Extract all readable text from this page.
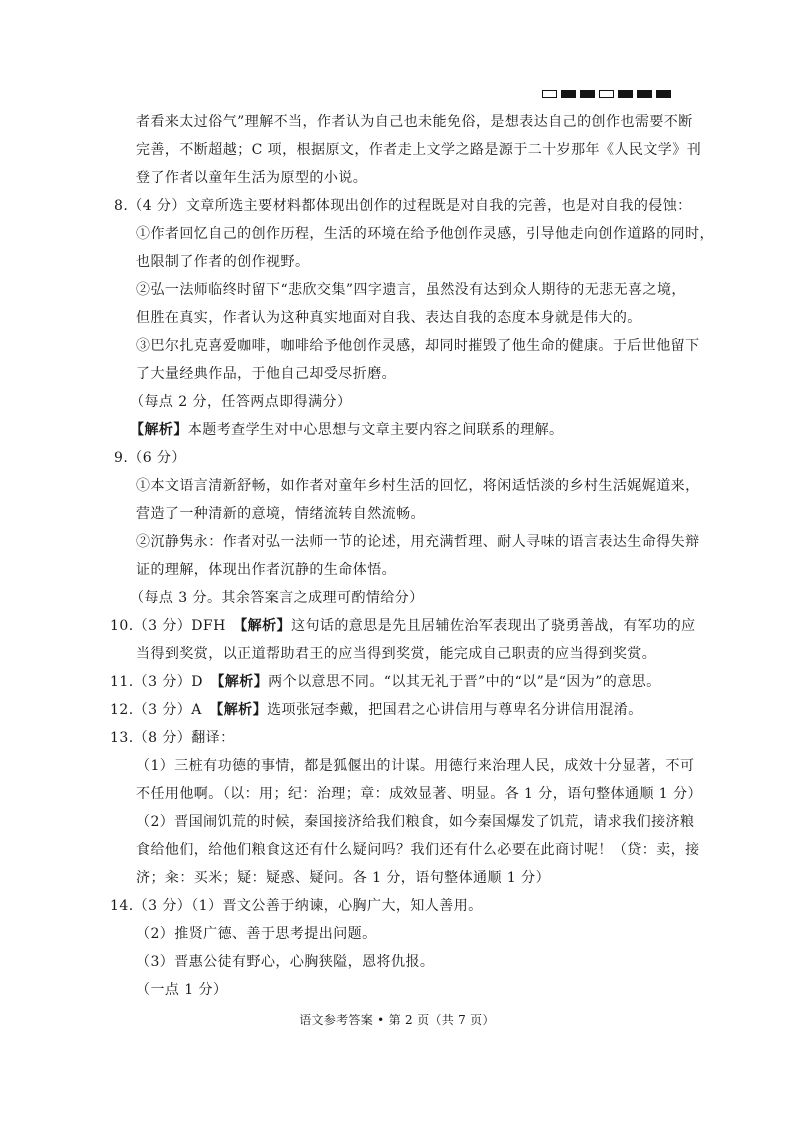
者看来太过俗气”理解不当，作者认为自己也未能免俗，是想表达自己的创作也需要不断
完善，不断超越；C 项，根据原文，作者走上文学之路是源于二十岁那年《人民文学》刊
登了作者以童年生活为原型的小说。
8.（4 分）文章所选主要材料都体现出创作的过程既是对自我的完善，也是对自我的侵蚀：
①作者回忆自己的创作历程，生活的环境在给予他创作灵感，引导他走向创作道路的同时，
也限制了作者的创作视野。
②弘一法师临终时留下“悲欣交集”四字遗言，虽然没有达到众人期待的无悲无喜之境，
但胜在真实，作者认为这种真实地面对自我、表达自我的态度本身就是伟大的。
③巴尔扎克喜爱咖啡，咖啡给予他创作灵感，却同时摧毁了他生命的健康。于后世他留下
了大量经典作品，于他自己却受尽折磨。
（每点 2 分，任答两点即得满分）
【解析】本题考查学生对中心思想与文章主要内容之间联系的理解。
9.（6 分）
①本文语言清新舒畅，如作者对童年乡村生活的回忆，将闲适恬淡的乡村生活娓娓道来，
营造了一种清新的意境，情绪流转自然流畅。
②沉静隽永：作者对弘一法师一节的论述，用充满哲理、耐人寻味的语言表达生命得失辩
证的理解，体现出作者沉静的生命体悟。
（每点 3 分。其余答案言之成理可酌情给分）
10.（3 分）DFH　【解析】这句话的意思是先且居辅佐治军表现出了骁勇善战，有军功的应
当得到奖赏，以正道帮助君王的应当得到奖赏，能完成自己职责的应当得到奖赏。
11.（3 分）D　【解析】两个以意思不同。“以其无礼于晋”中的“以”是“因为”的意思。
12.（3 分）A　【解析】选项张冠李戴，把国君之心讲信用与尊卑名分讲信用混淆。
13.（8 分）翻译：
（1）三桩有功德的事情，都是狐偃出的计谋。用德行来治理人民，成效十分显著，不可
不任用他啊。（以：用；纪：治理；章：成效显著、明显。各 1 分，语句整体通顺 1 分）
（2）晋国闹饥荒的时候，秦国接济给我们粮食，如今秦国爆发了饥荒，请求我们接济粮
食给他们，给他们粮食这还有什么疑问吗？我们还有什么必要在此商讨呢！（贷：卖，接
济；籴：买米；疑：疑惑、疑问。各 1 分，语句整体通顺 1 分）
14.（3 分）（1）晋文公善于纳谏，心胸广大，知人善用。
（2）推贤广德、善于思考提出问题。
（3）晋惠公徒有野心，心胸狭隘，恩将仇报。
（一点 1 分）
语文参考答案 • 第 2 页（共 7 页）
